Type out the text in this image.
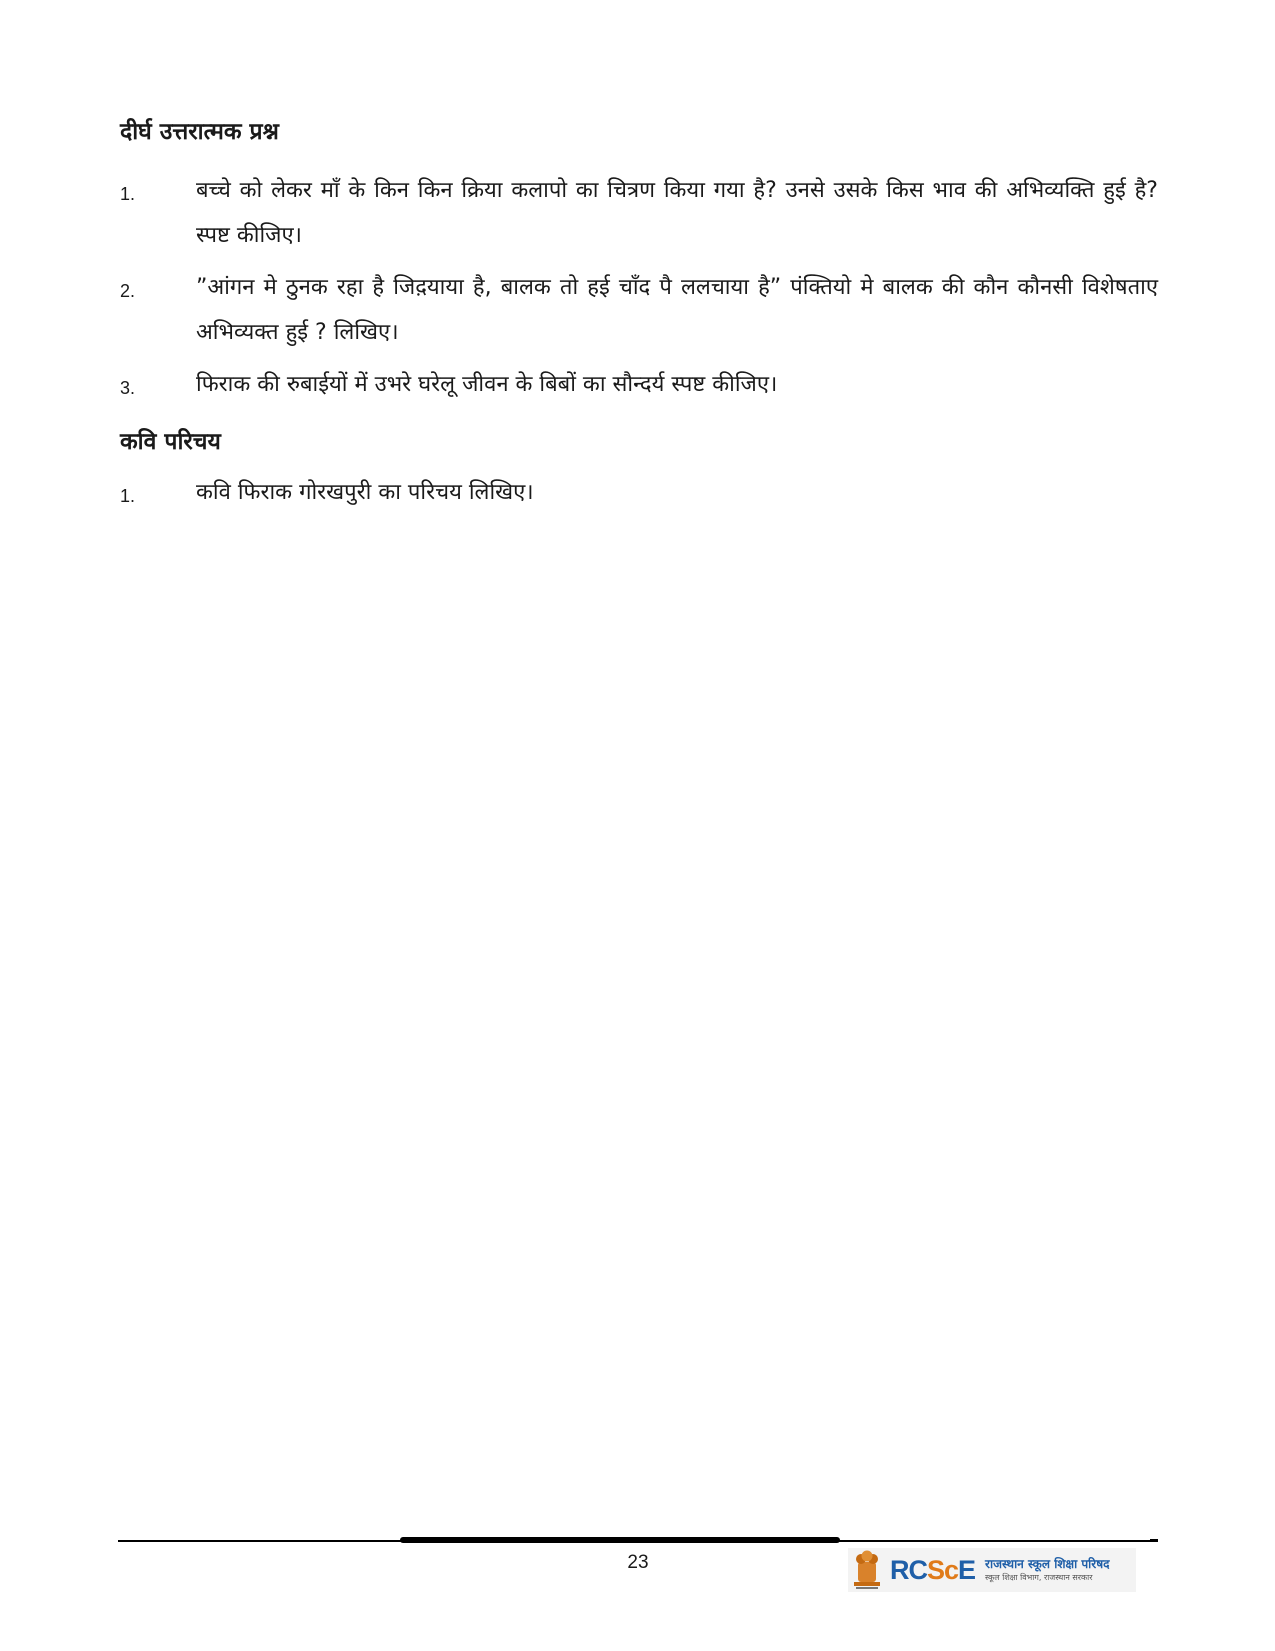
दीर्घ उत्तरात्मक प्रश्न
1.	बच्चे को लेकर माँ के किन किन क्रिया कलापो का चित्रण किया गया है? उनसे उसके किस भाव की अभिव्यक्ति हुई है? स्पष्ट कीजिए।

2.	”आंगन मे ठुनक रहा है जिद़याया है, बालक तो हई चाँद पै ललचाया है” पंक्तियो मे बालक की कौन कौनसी विशेषताए अभिव्यक्त हुई ? लिखिए।

3.	फिराक की रुबाईयों में उभरे घरेलू जीवन के बिबों का सौन्दर्य स्पष्ट कीजिए।

कवि परिचय
1.	कवि फिराक गोरखपुरी का परिचय लिखिए।

23	RCScE राजस्थान स्कूल शिक्षा परिषद
स्कूल शिक्षा विभाग, राजस्थान सरकार
